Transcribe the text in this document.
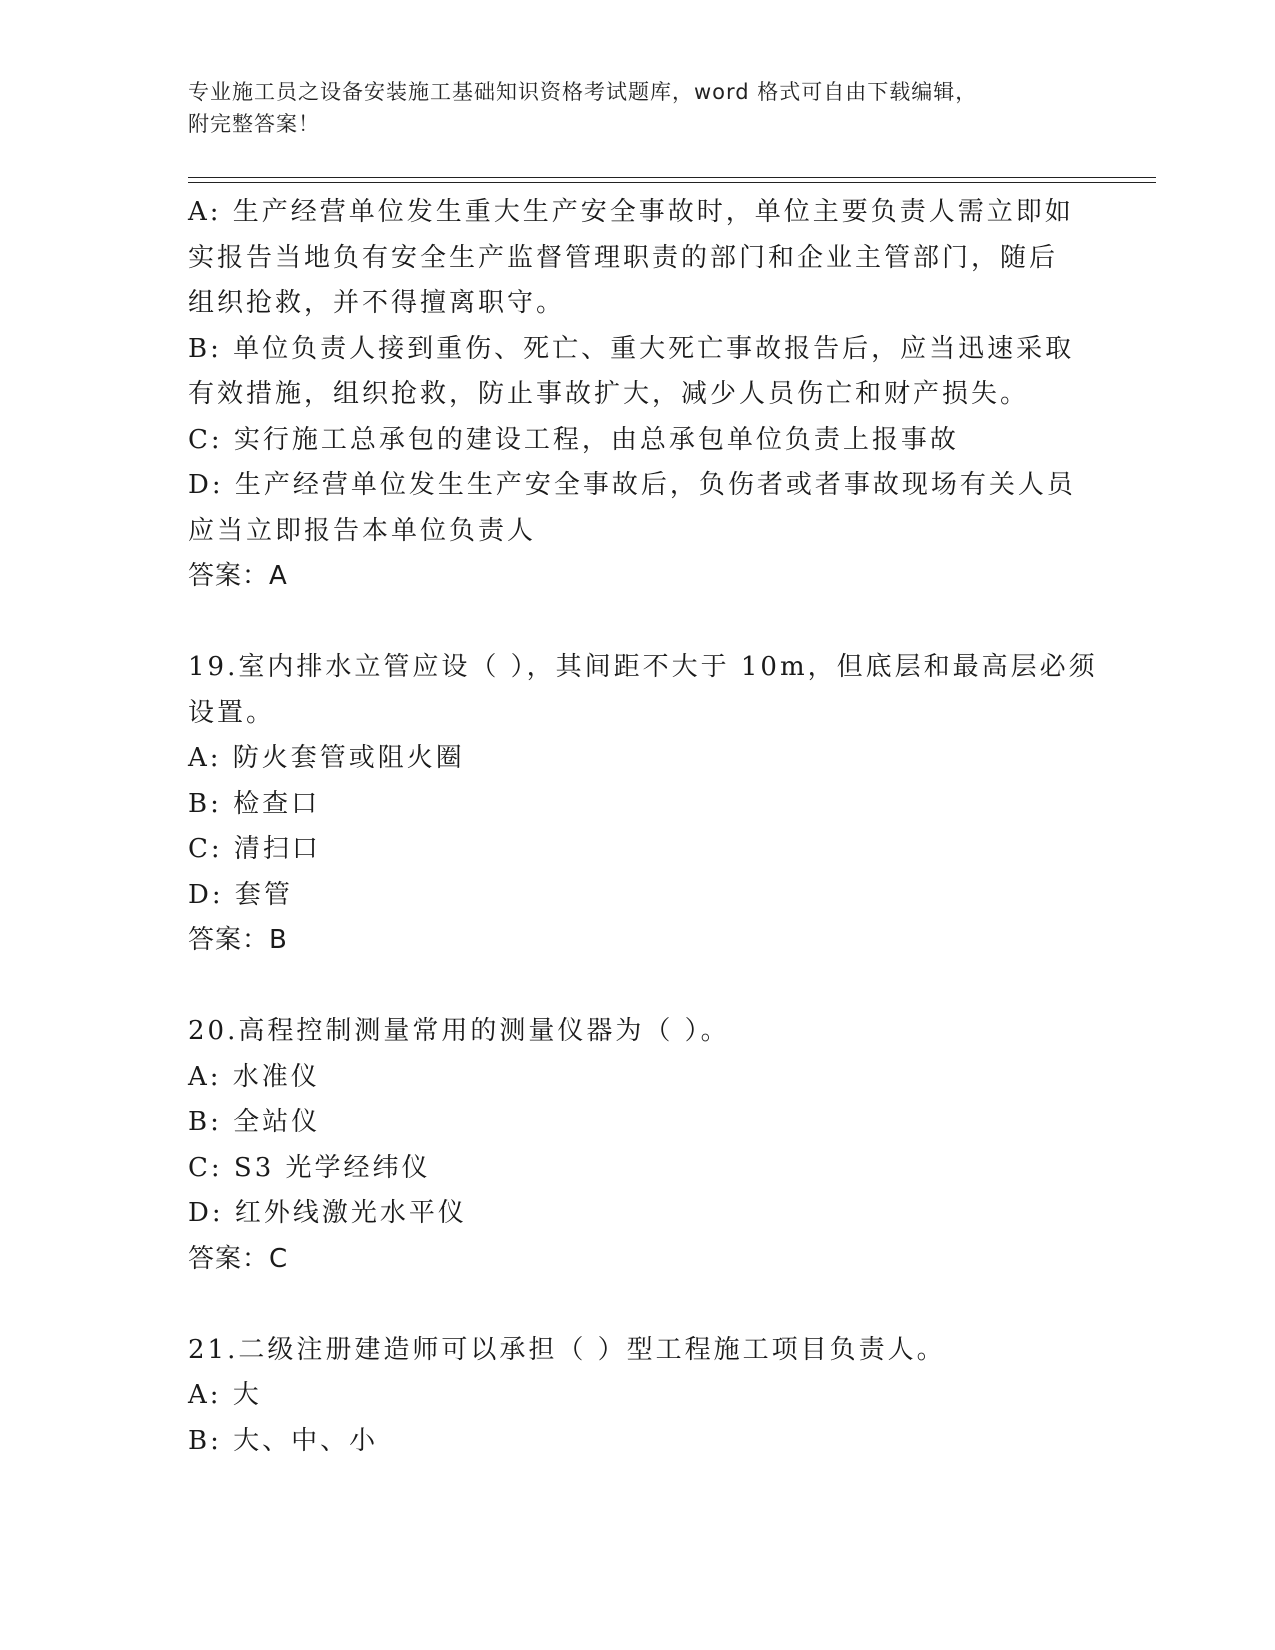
专业施工员之设备安装施工基础知识资格考试题库，word 格式可自由下载编辑，
附完整答案！
A: 生产经营单位发生重大生产安全事故时，单位主要负责人需立即如
实报告当地负有安全生产监督管理职责的部门和企业主管部门，随后
组织抢救，并不得擅离职守。
B: 单位负责人接到重伤、死亡、重大死亡事故报告后，应当迅速采取
有效措施，组织抢救，防止事故扩大，减少人员伤亡和财产损失。
C: 实行施工总承包的建设工程，由总承包单位负责上报事故
D: 生产经营单位发生生产安全事故后，负伤者或者事故现场有关人员
应当立即报告本单位负责人
答案：A
19.室内排水立管应设（ ），其间距不大于 10m，但底层和最高层必须
设置。
A: 防火套管或阻火圈
B: 检查口
C: 清扫口
D: 套管
答案：B
20.高程控制测量常用的测量仪器为（ ）。
A: 水准仪
B: 全站仪
C: S3 光学经纬仪
D: 红外线激光水平仪
答案：C
21.二级注册建造师可以承担（ ）型工程施工项目负责人。
A: 大
B: 大、中、小
